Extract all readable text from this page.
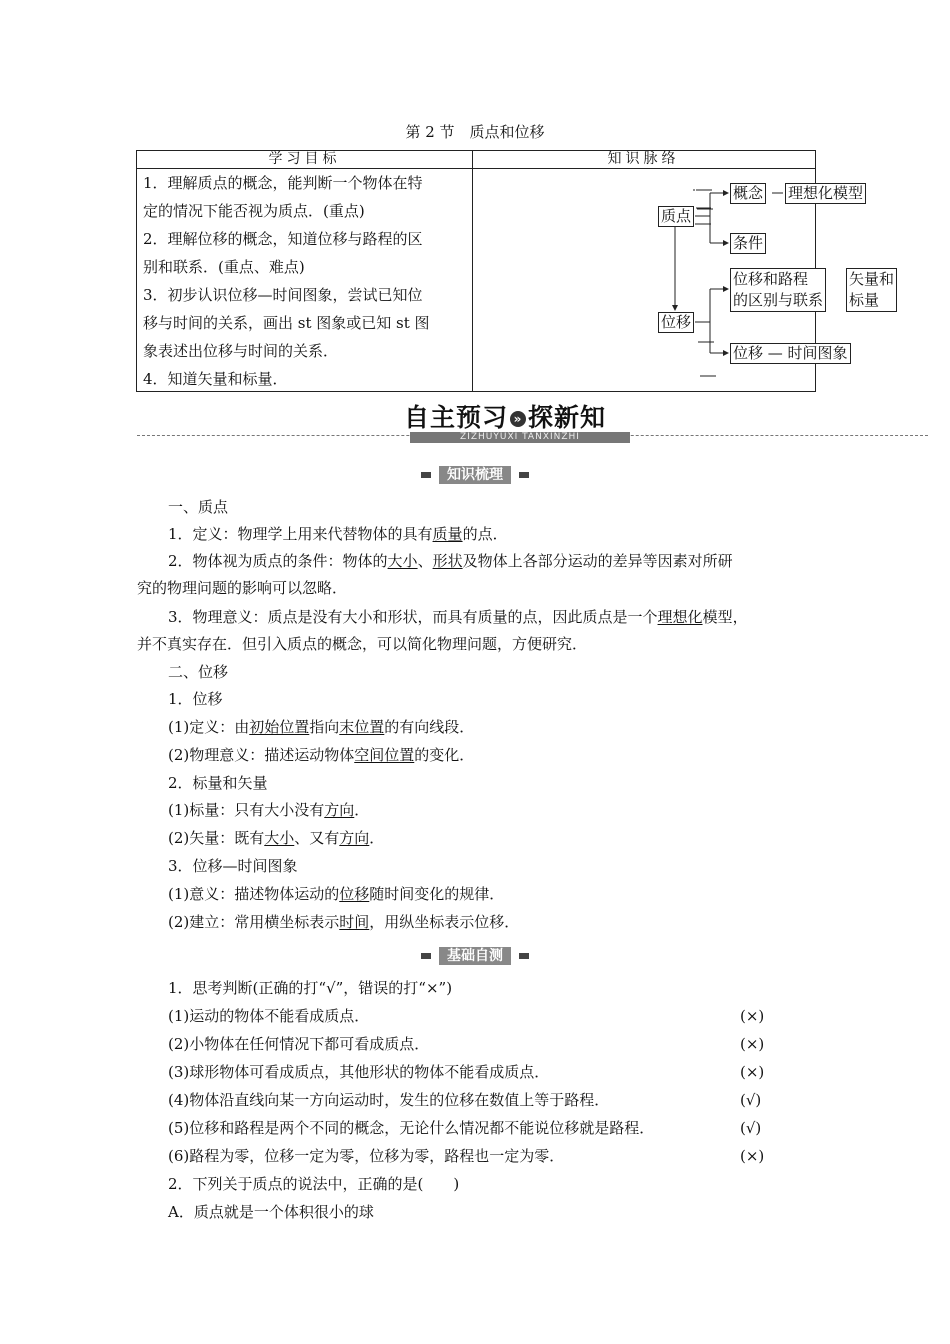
第 2 节　质点和位移
学习目标	知识脉络
1．理解质点的概念，能判断一个物体在特
定的情况下能否视为质点．(重点)
2．理解位移的概念，知道位移与路程的区
别和联系．(重点、难点)
3．初步认识位移—时间图象，尝试已知位
移与时间的关系，画出 st 图象或已知 st 图
象表述出位移与时间的关系．
4．知道矢量和标量．
质点
概念 理想化模型
条件
位移
位移和路程
的区别与联系
矢量和
标量
位移 — 时间图象
自主预习 » 探新知
ZIZHUYUXI TANXINZHI
知识梳理
一、质点
1．定义：物理学上用来代替物体的具有质量的点．
2．物体视为质点的条件：物体的大小、形状及物体上各部分运动的差异等因素对所研
究的物理问题的影响可以忽略．
3．物理意义：质点是没有大小和形状，而具有质量的点，因此质点是一个理想化模型，
并不真实存在．但引入质点的概念，可以简化物理问题，方便研究．
二、位移
1．位移
(1)定义：由初始位置指向末位置的有向线段．
(2)物理意义：描述运动物体空间位置的变化．
2．标量和矢量
(1)标量：只有大小没有方向．
(2)矢量：既有大小、又有方向．
3．位移—时间图象
(1)意义：描述物体运动的位移随时间变化的规律．
(2)建立：常用横坐标表示时间，用纵坐标表示位移．
基础自测
1．思考判断(正确的打“√”，错误的打“×”)
(1)运动的物体不能看成质点．	(×)
(2)小物体在任何情况下都可看成质点．	(×)
(3)球形物体可看成质点，其他形状的物体不能看成质点．	(×)
(4)物体沿直线向某一方向运动时，发生的位移在数值上等于路程．	(√)
(5)位移和路程是两个不同的概念，无论什么情况都不能说位移就是路程．	(√)
(6)路程为零，位移一定为零，位移为零，路程也一定为零．	(×)
2．下列关于质点的说法中，正确的是(　　)
A．质点就是一个体积很小的球
